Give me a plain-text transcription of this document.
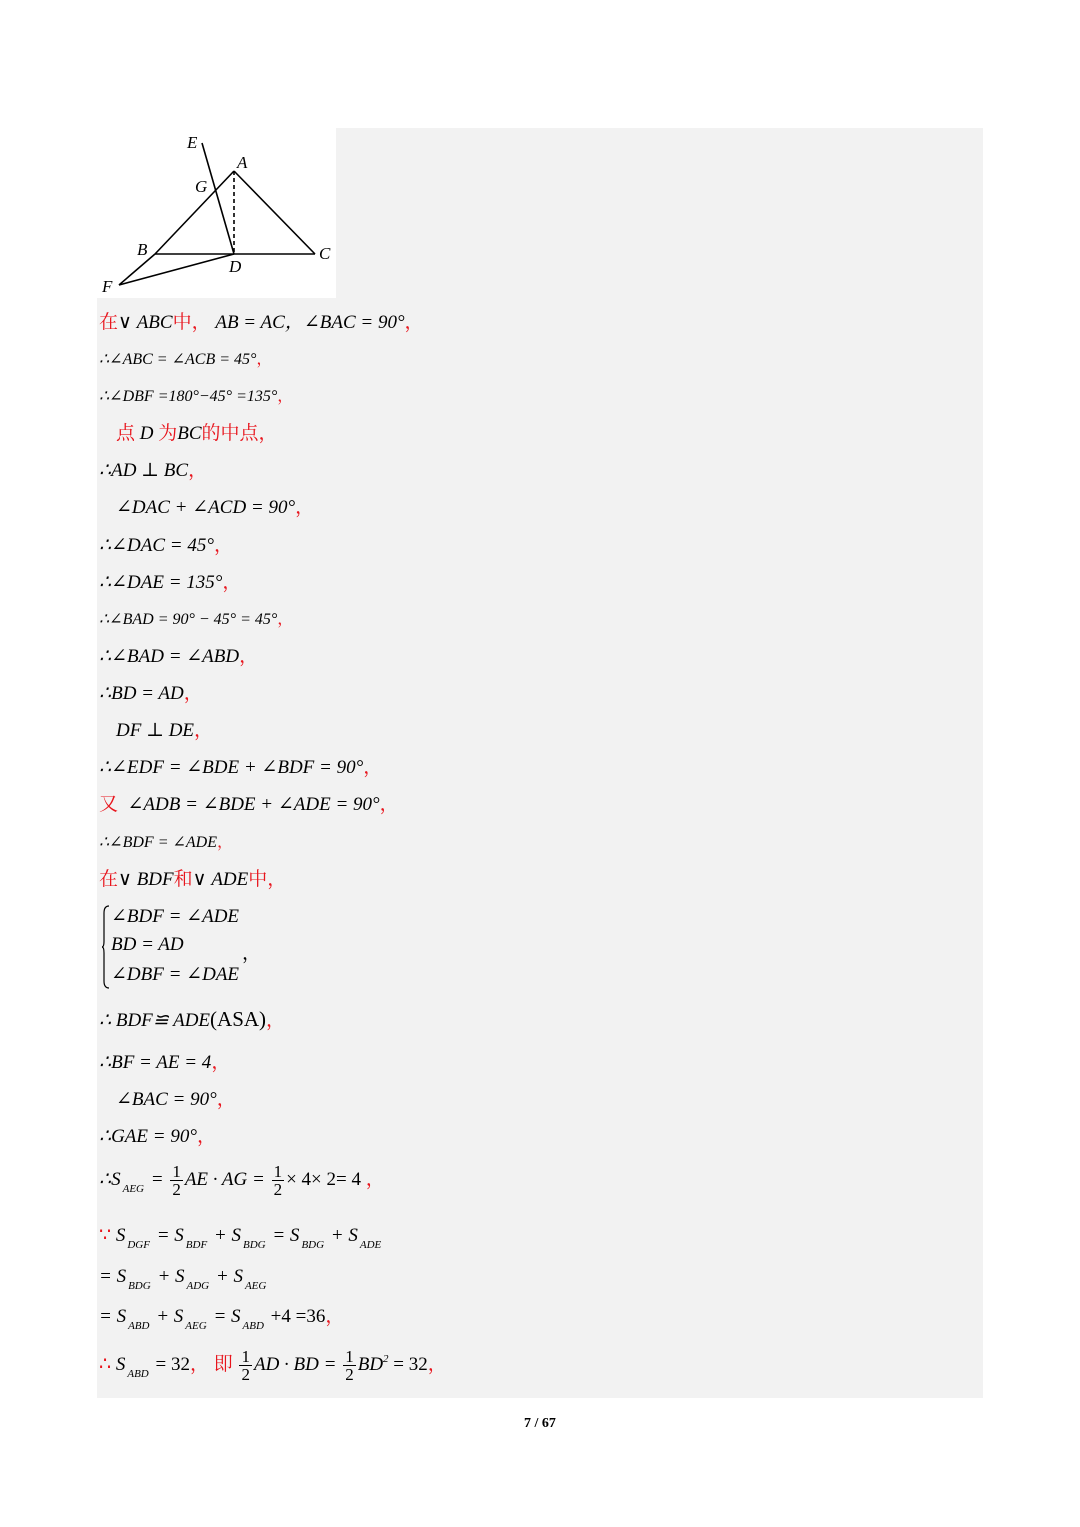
E
A
G
B	C
D
F
在∨ ABC中， AB = AC，∠BAC = 90°，
∴∠ABC = ∠ACB = 45°，
∴∠DBF =180°−45° =135°，
点 D 为BC的中点，
∴AD ⊥ BC，
∠DAC + ∠ACD = 90°，
∴∠DAC = 45°，
∴∠DAE = 135°，
∴∠BAD = 90° − 45° = 45°，
∴∠BAD = ∠ABD，
∴BD = AD，
DF ⊥ DE，
∴∠EDF = ∠BDE + ∠BDF = 90°，
又 ∠ADB = ∠BDE + ∠ADE = 90°，
∴∠BDF = ∠ADE，
在∨ BDF和∨ ADE中，
∠BDF = ∠ADE
BD = AD
∠DBF = ∠DAE
，
∴ BDF≌ ADE(ASA)，
∴BF = AE = 4，
∠BAC = 90°，
∴GAE = 90°，
∴S $_{AEG} = \frac{1}{2}$ AE · AG = $\frac{1}{2} \times 4\times 2= 4$ ，
∵ S $_{DGF}$ = S $_{BDF}$ + S $_{BDG}$ = S $_{BDG}$ + S $_{ADE}$
= S $_{BDG}$ + S $_{ADG}$ + S $_{AEG}$
= S $_{ABD}$ + S $_{AEG}$ = S $_{ABD}$ +4 =36，
∴ S $_{ABD}$ = 32， 即 $\frac{1}{2}$ AD · BD = $\frac{1}{2} BD^2 = 32$，
7 / 67
